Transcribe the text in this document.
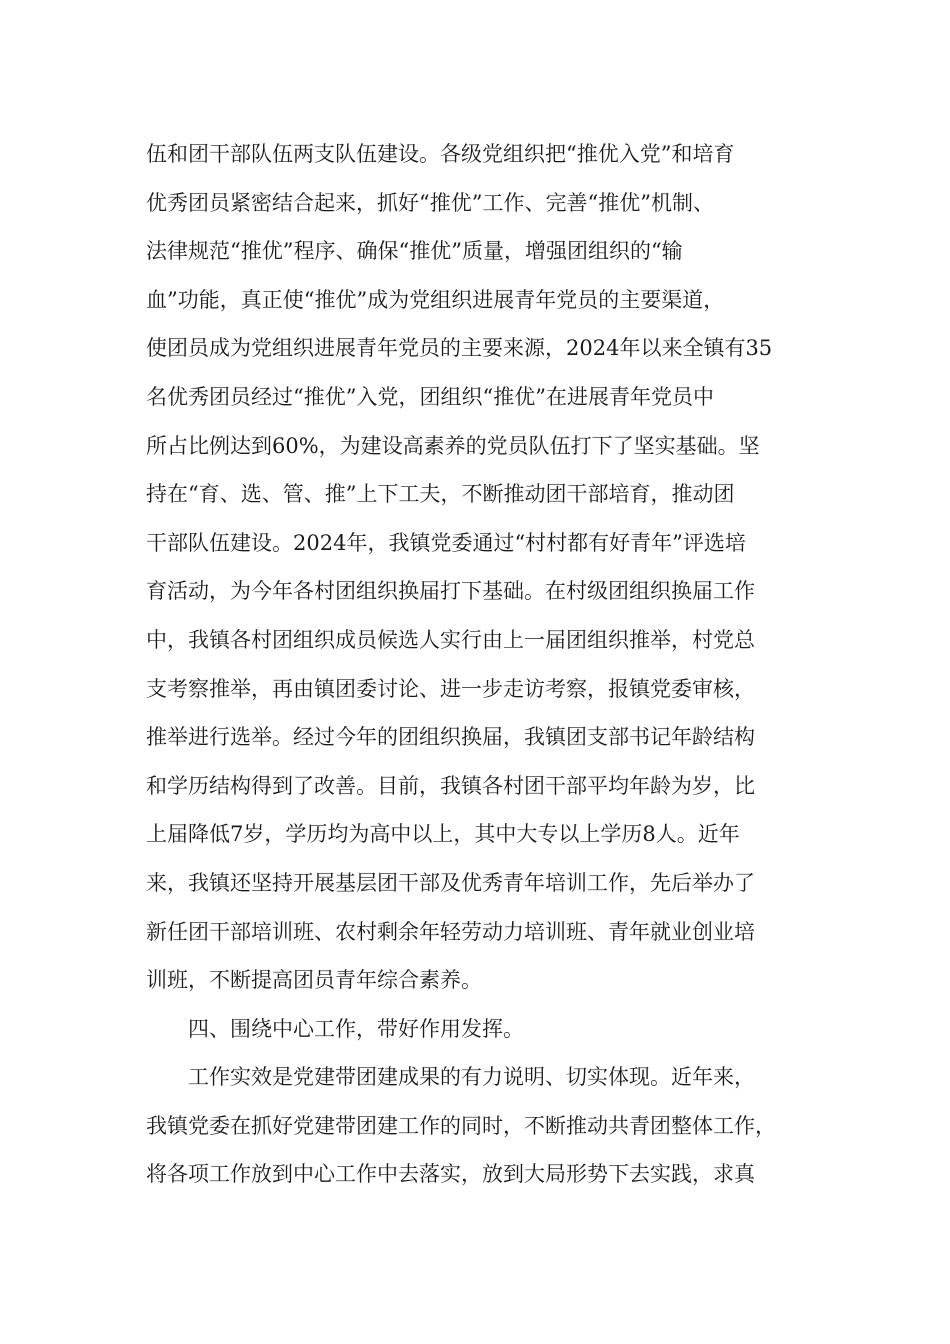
伍和团干部队伍两支队伍建设。各级党组织把“推优入党”和培育
优秀团员紧密结合起来，抓好“推优”工作、完善“推优”机制、
法律规范“推优”程序、确保“推优”质量，增强团组织的“输
血”功能，真正使“推优”成为党组织进展青年党员的主要渠道，
使团员成为党组织进展青年党员的主要来源，2024年以来全镇有35
名优秀团员经过“推优”入党，团组织“推优”在进展青年党员中
所占比例达到60%，为建设高素养的党员队伍打下了坚实基础。坚
持在“育、选、管、推”上下工夫，不断推动团干部培育，推动团
干部队伍建设。2024年，我镇党委通过“村村都有好青年”评选培
育活动，为今年各村团组织换届打下基础。在村级团组织换届工作
中，我镇各村团组织成员候选人实行由上一届团组织推举，村党总
支考察推举，再由镇团委讨论、进一步走访考察，报镇党委审核，
推举进行选举。经过今年的团组织换届，我镇团支部书记年龄结构
和学历结构得到了改善。目前，我镇各村团干部平均年龄为岁，比
上届降低7岁，学历均为高中以上，其中大专以上学历8人。近年
来，我镇还坚持开展基层团干部及优秀青年培训工作，先后举办了
新任团干部培训班、农村剩余年轻劳动力培训班、青年就业创业培
训班，不断提高团员青年综合素养。
　　四、围绕中心工作，带好作用发挥。
　　工作实效是党建带团建成果的有力说明、切实体现。近年来，
我镇党委在抓好党建带团建工作的同时，不断推动共青团整体工作，
将各项工作放到中心工作中去落实，放到大局形势下去实践，求真
